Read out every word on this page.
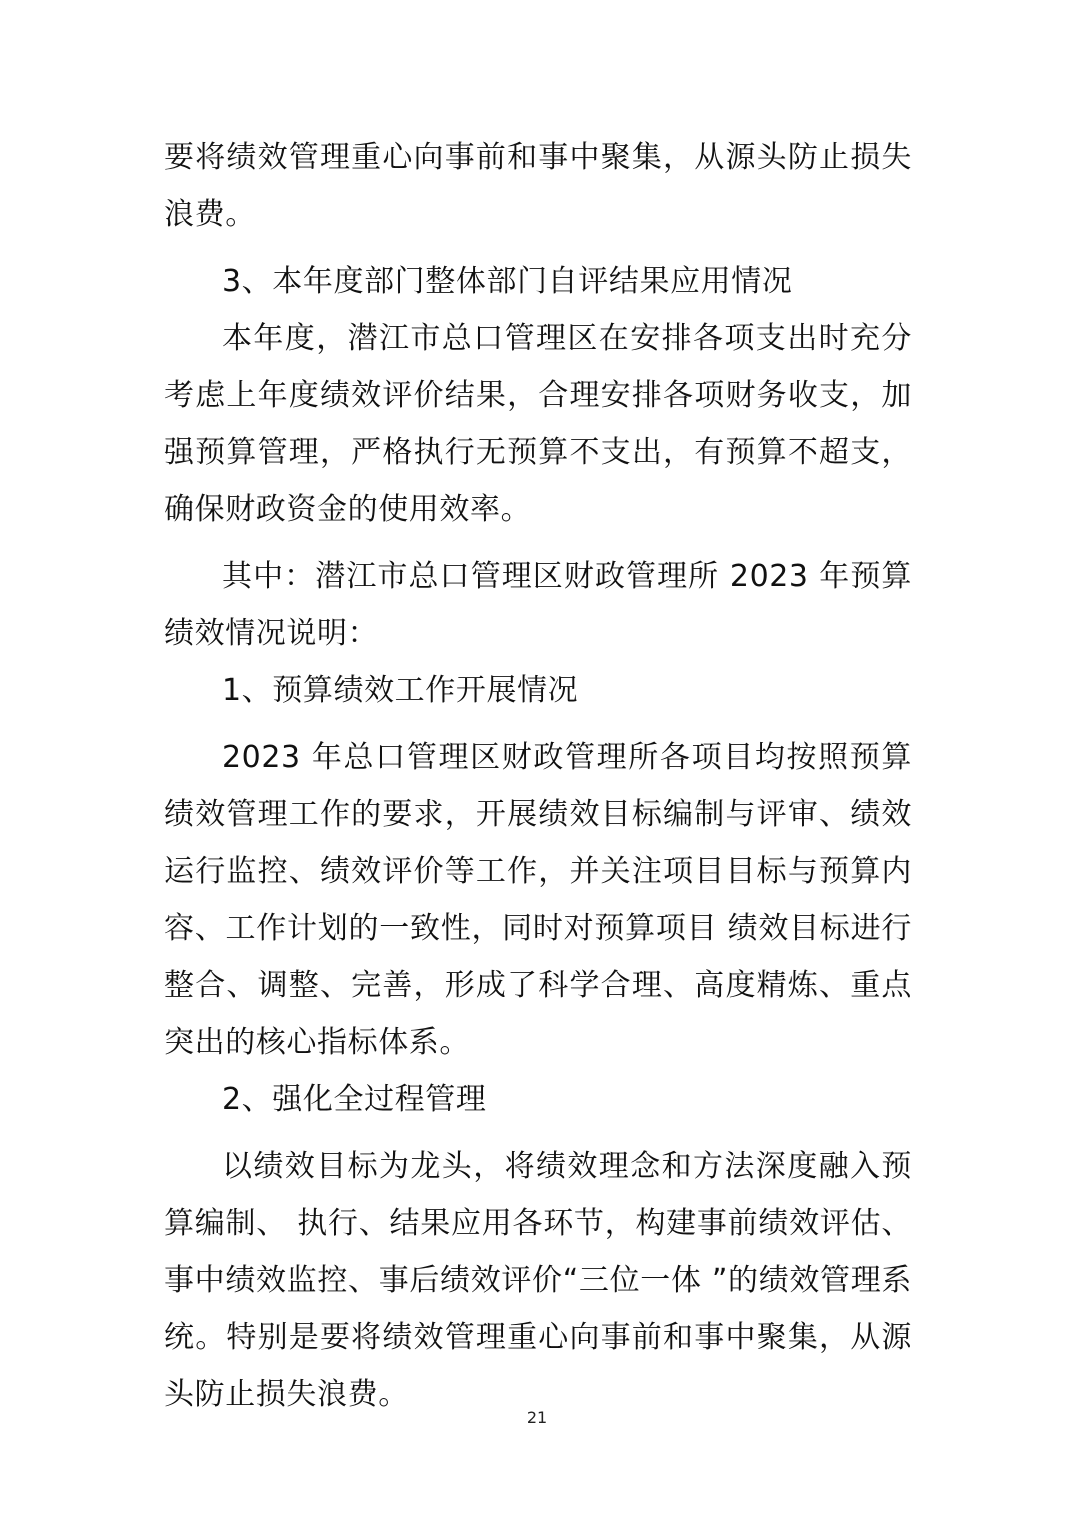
要将绩效管理重心向事前和事中聚集，从源头防止损失浪费。

3、本年度部门整体部门自评结果应用情况

本年度，潜江市总口管理区在安排各项支出时充分考虑上年度绩效评价结果，合理安排各项财务收支，加强预算管理，严格执行无预算不支出，有预算不超支，确保财政资金的使用效率。

其中：潜江市总口管理区财政管理所 2023 年预算绩效情况说明：

1、预算绩效工作开展情况

2023 年总口管理区财政管理所各项目均按照预算绩效管理工作的要求，开展绩效目标编制与评审、绩效运行监控、绩效评价等工作，并关注项目目标与预算内容、工作计划的一致性，同时对预算项目 绩效目标进行整合、调整、完善，形成了科学合理、高度精炼、重点突出的核心指标体系。

2、强化全过程管理

以绩效目标为龙头，将绩效理念和方法深度融入预算编制、 执行、结果应用各环节，构建事前绩效评估、事中绩效监控、事后绩效评价“三位一体 ”的绩效管理系统。特别是要将绩效管理重心向事前和事中聚集，从源头防止损失浪费。

21
